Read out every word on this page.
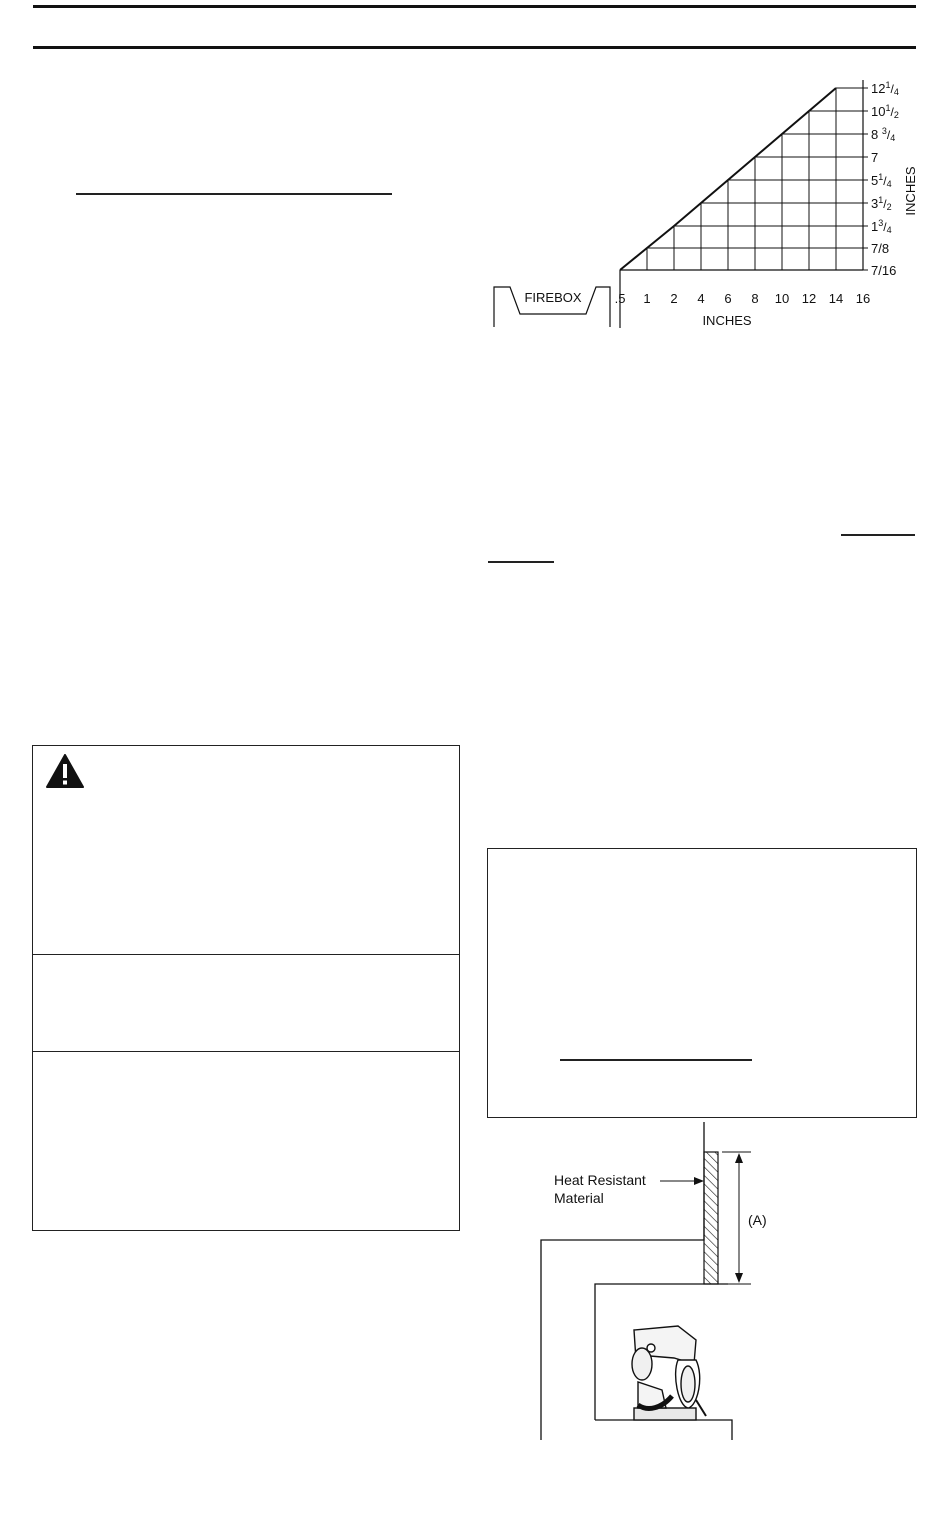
FIREBOX	.5 1 2 4 6 8 10 12 14 16
$12^1/4$
$10^1/2$
8 $^3$/4
7
$5^1/4$
$3^1/2$
$1^3/4$
7/8
7/16
INCHES
INCHES
Heat Resistant
Material
(A)
